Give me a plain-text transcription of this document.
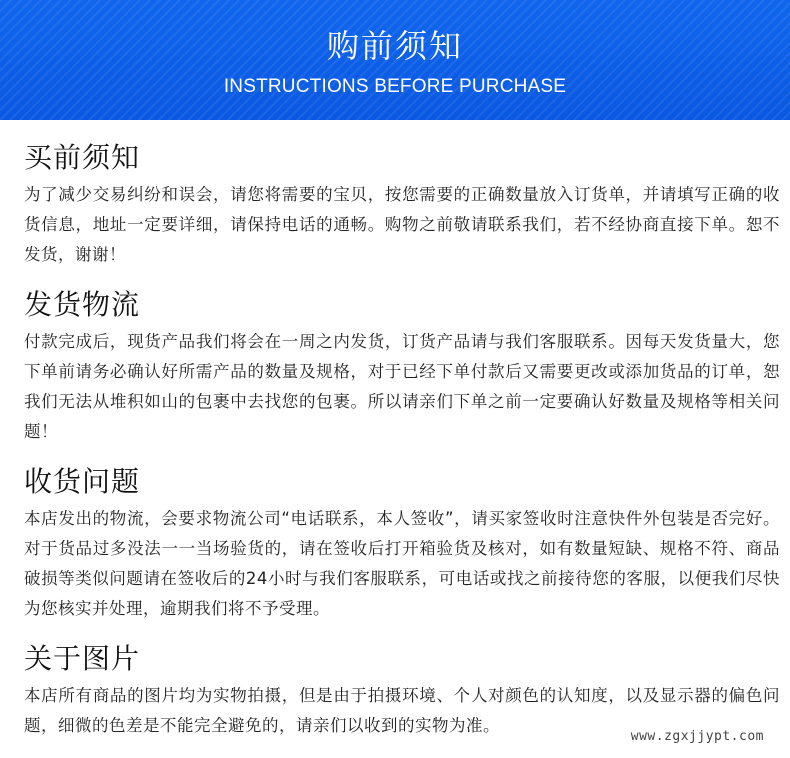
购前须知
INSTRUCTIONS BEFORE PURCHASE
买前须知

为了减少交易纠纷和误会，请您将需要的宝贝，按您需要的正确数量放入订货单，并请填写正确的收货信息，地址一定要详细，请保持电话的通畅。购物之前敬请联系我们，若不经协商直接下单。恕不发货，谢谢！

发货物流

付款完成后，现货产品我们将会在一周之内发货，订货产品请与我们客服联系。因每天发货量大，您下单前请务必确认好所需产品的数量及规格，对于已经下单付款后又需要更改或添加货品的订单，恕我们无法从堆积如山的包裹中去找您的包裹。所以请亲们下单之前一定要确认好数量及规格等相关问题！

收货问题

本店发出的物流，会要求物流公司“电话联系，本人签收”，请买家签收时注意快件外包装是否完好。对于货品过多没法一一当场验货的，请在签收后打开箱验货及核对，如有数量短缺、规格不符、商品破损等类似问题请在签收后的24小时与我们客服联系，可电话或找之前接待您的客服，以便我们尽快为您核实并处理，逾期我们将不予受理。

关于图片

本店所有商品的图片均为实物拍摄，但是由于拍摄环境、个人对颜色的认知度，以及显示器的偏色问题，细微的色差是不能完全避免的，请亲们以收到的实物为准。

www.zgxjjypt.com
